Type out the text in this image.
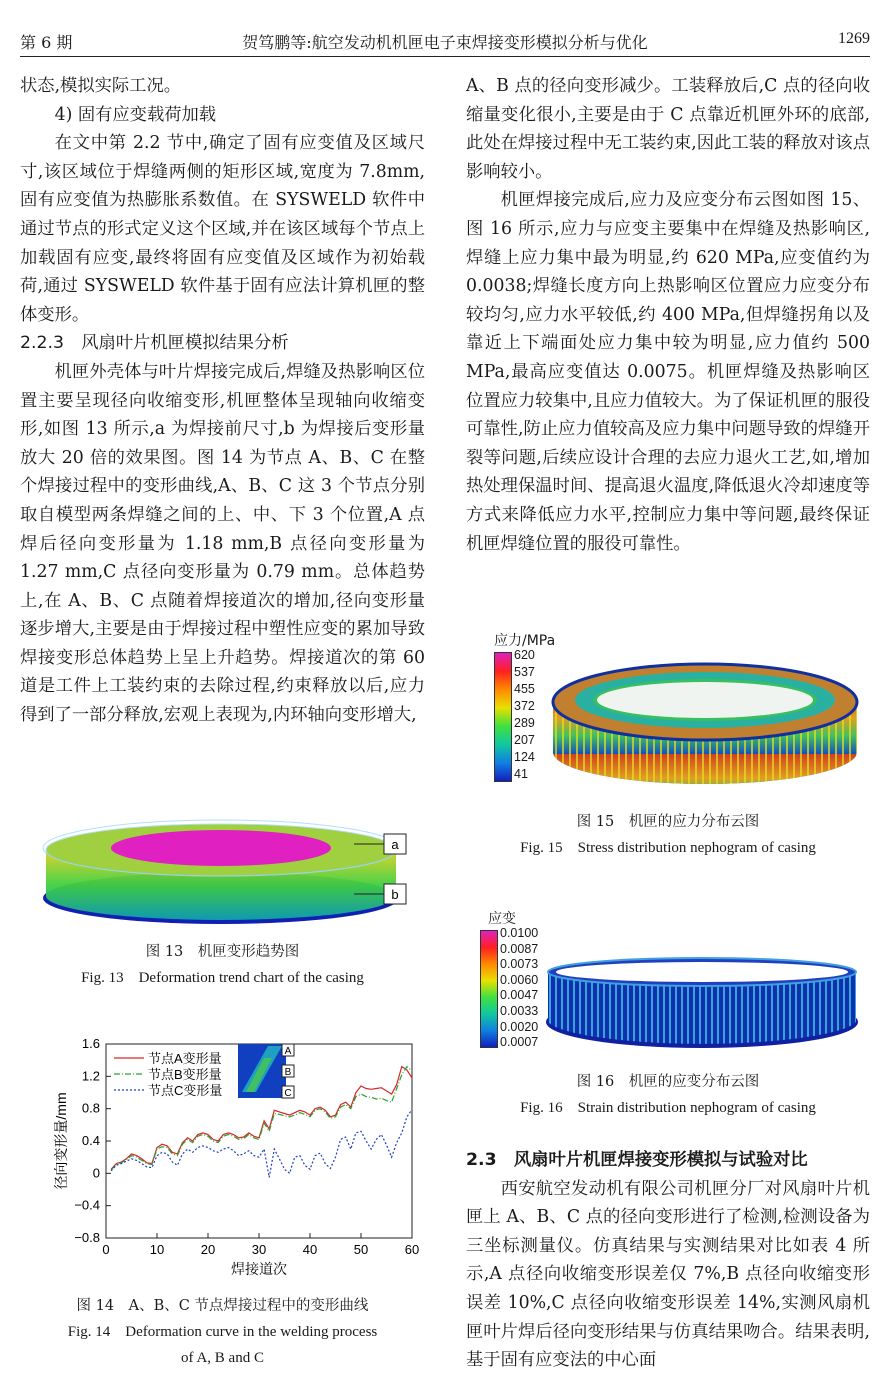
第 6 期	贺笃鹏等:航空发动机机匣电子束焊接变形模拟分析与优化	1269

状态,模拟实际工况。

4) 固有应变载荷加载

在文中第 2.2 节中,确定了固有应变值及区域尺寸,该区域位于焊缝两侧的矩形区域,宽度为 7.8mm,固有应变值为热膨胀系数值。在 SYSWELD 软件中通过节点的形式定义这个区域,并在该区域每个节点上加载固有应变,最终将固有应变值及区域作为初始载荷,通过 SYSWELD 软件基于固有应法计算机匣的整体变形。

2.2.3　风扇叶片机匣模拟结果分析

机匣外壳体与叶片焊接完成后,焊缝及热影响区位置主要呈现径向收缩变形,机匣整体呈现轴向收缩变形,如图 13 所示,a 为焊接前尺寸,b 为焊接后变形量放大 20 倍的效果图。图 14 为节点 A、B、C 在整个焊接过程中的变形曲线,A、B、C 这 3 个节点分别取自模型两条焊缝之间的上、中、下 3 个位置,A 点焊后径向变形量为 1.18 mm,B 点径向变形量为 1.27 mm,C 点径向变形量为 0.79 mm。总体趋势上,在 A、B、C 点随着焊接道次的增加,径向变形量逐步增大,主要是由于焊接过程中塑性应变的累加导致焊接变形总体趋势上呈上升趋势。焊接道次的第 60 道是工件上工装约束的去除过程,约束释放以后,应力得到了一部分释放,宏观上表现为,内环轴向变形增大,

A、B 点的径向变形减少。工装释放后,C 点的径向收缩量变化很小,主要是由于 C 点靠近机匣外环的底部,此处在焊接过程中无工装约束,因此工装的释放对该点影响较小。

机匣焊接完成后,应力及应变分布云图如图 15、图 16 所示,应力与应变主要集中在焊缝及热影响区,焊缝上应力集中最为明显,约 620 MPa,应变值约为 0.0038;焊缝长度方向上热影响区位置应力应变分布较均匀,应力水平较低,约 400 MPa,但焊缝拐角以及靠近上下端面处应力集中较为明显,应力值约 500 MPa,最高应变值达 0.0075。机匣焊缝及热影响区位置应力较集中,且应力值较大。为了保证机匣的服役可靠性,防止应力值较高及应力集中问题导致的焊缝开裂等问题,后续应设计合理的去应力退火工艺,如,增加热处理保温时间、提高退火温度,降低退火冷却速度等方式来降低应力水平,控制应力集中等问题,最终保证机匣焊缝位置的服役可靠性。

应力/MPa
620
537
455
372
289
207
124
41
图 15　机匣的应力分布云图
Fig. 15　Stress distribution nephogram of casing
应变
0.0100
0.0087
0.0073
0.0060
0.0047
0.0033
0.0020
0.0007
图 16　机匣的应变分布云图
Fig. 16　Strain distribution nephogram of casing

2.3　风扇叶片机匣焊接变形模拟与试验对比

西安航空发动机有限公司机匣分厂对风扇叶片机匣上 A、B、C 点的径向变形进行了检测,检测设备为三坐标测量仪。仿真结果与实测结果对比如表 4 所示,A 点径向收缩变形误差仅 7%,B 点径向收缩变形误差 10%,C 点径向收缩变形误差 14%,实测风扇机匣叶片焊后径向变形结果与仿真结果吻合。结果表明,基于固有应变法的中心面

a
b
图 13　机匣变形趋势图
Fig. 13　Deformation trend chart of the casing
0	10	20	30	40	50	60
−0.8
−0.4
0
0.4
0.8
1.2
1.6
焊接道次
径向变形量/mm
节点A变形量
节点B变形量
节点C变形量
A
B
C
图 14　A、B、C 节点焊接过程中的变形曲线
Fig. 14　Deformation curve in the welding process
of A, B and C
